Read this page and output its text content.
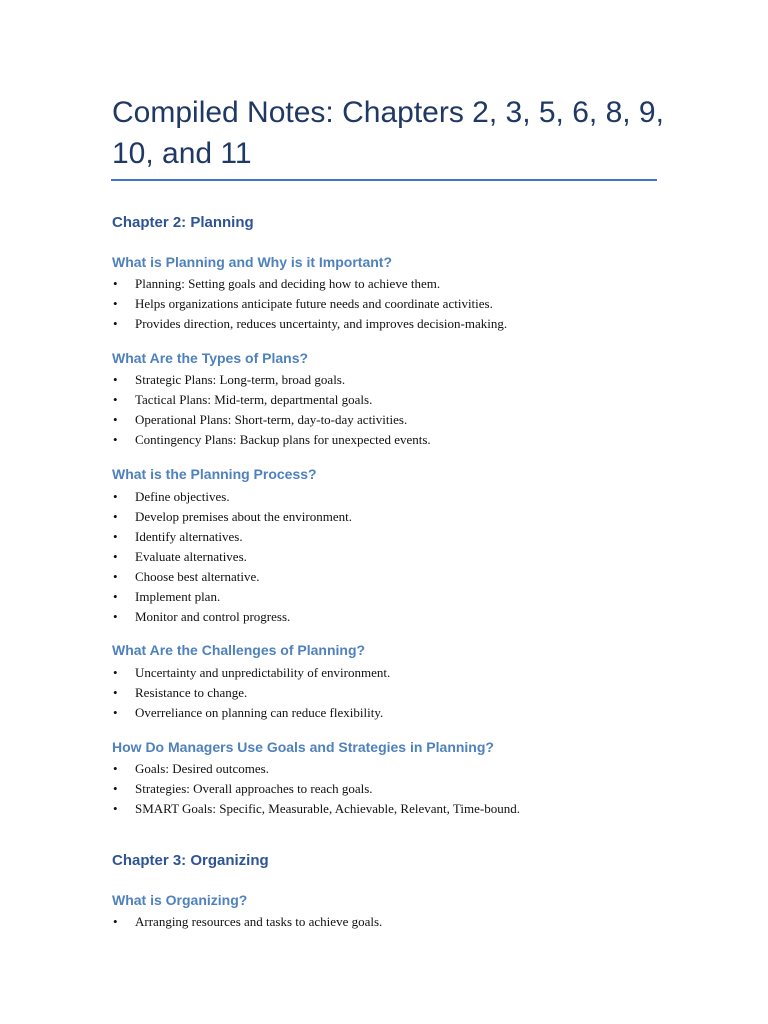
Compiled Notes: Chapters 2, 3, 5, 6, 8, 9, 10, and 11
Chapter 2: Planning
What is Planning and Why is it Important?
• Planning: Setting goals and deciding how to achieve them.
• Helps organizations anticipate future needs and coordinate activities.
• Provides direction, reduces uncertainty, and improves decision-making.
What Are the Types of Plans?
• Strategic Plans: Long-term, broad goals.
• Tactical Plans: Mid-term, departmental goals.
• Operational Plans: Short-term, day-to-day activities.
• Contingency Plans: Backup plans for unexpected events.
What is the Planning Process?
• Define objectives.
• Develop premises about the environment.
• Identify alternatives.
• Evaluate alternatives.
• Choose best alternative.
• Implement plan.
• Monitor and control progress.
What Are the Challenges of Planning?
• Uncertainty and unpredictability of environment.
• Resistance to change.
• Overreliance on planning can reduce flexibility.
How Do Managers Use Goals and Strategies in Planning?
• Goals: Desired outcomes.
• Strategies: Overall approaches to reach goals.
• SMART Goals: Specific, Measurable, Achievable, Relevant, Time-bound.
Chapter 3: Organizing
What is Organizing?
• Arranging resources and tasks to achieve goals.
